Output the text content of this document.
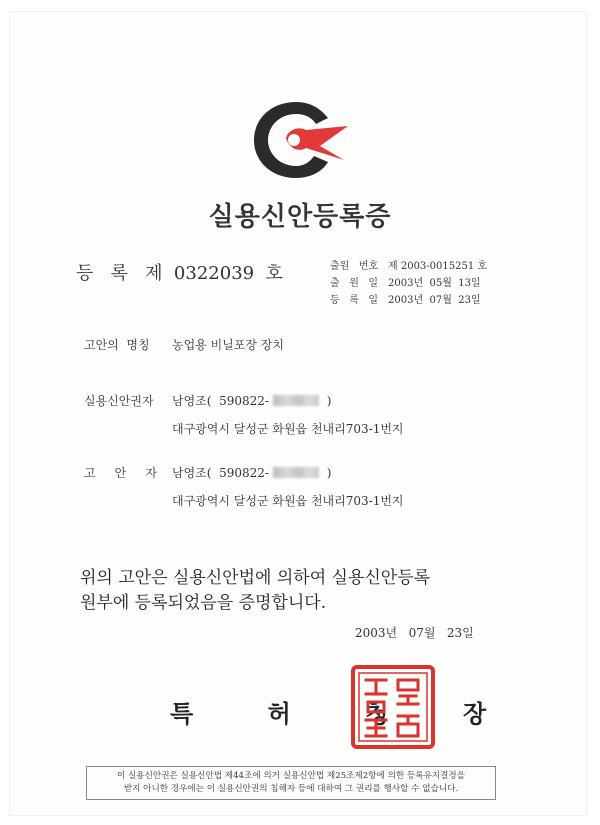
실용신안등록증
등   록   제  0322039  호	출원   번호 제 2003-0015251 호
출   원   일 2003년  05월  13일
등   록   일 2003년  07월  23일
고안의  명칭 농업용 비닐포장 장치
실용신안권자 남영조(  590822-	)
대구광역시 달성군 화원읍 천내리703-1번지
고     안     자 남영조(  590822-	)
대구광역시 달성군 화원읍 천내리703-1번지
위의 고안은 실용신안법에 의하여 실용신안등록
원부에 등록되었음을 증명합니다.
2003년   07월   23일
특       허       청       장
이 실용신안권은 실용신안법 제44조에 의거 실용신안법 제25조제2항에 의한 등록유지결정을
받지 아니한 경우에는 이 실용신안권의 침해자 등에 대하여 그 권리를 행사할 수 없습니다.
